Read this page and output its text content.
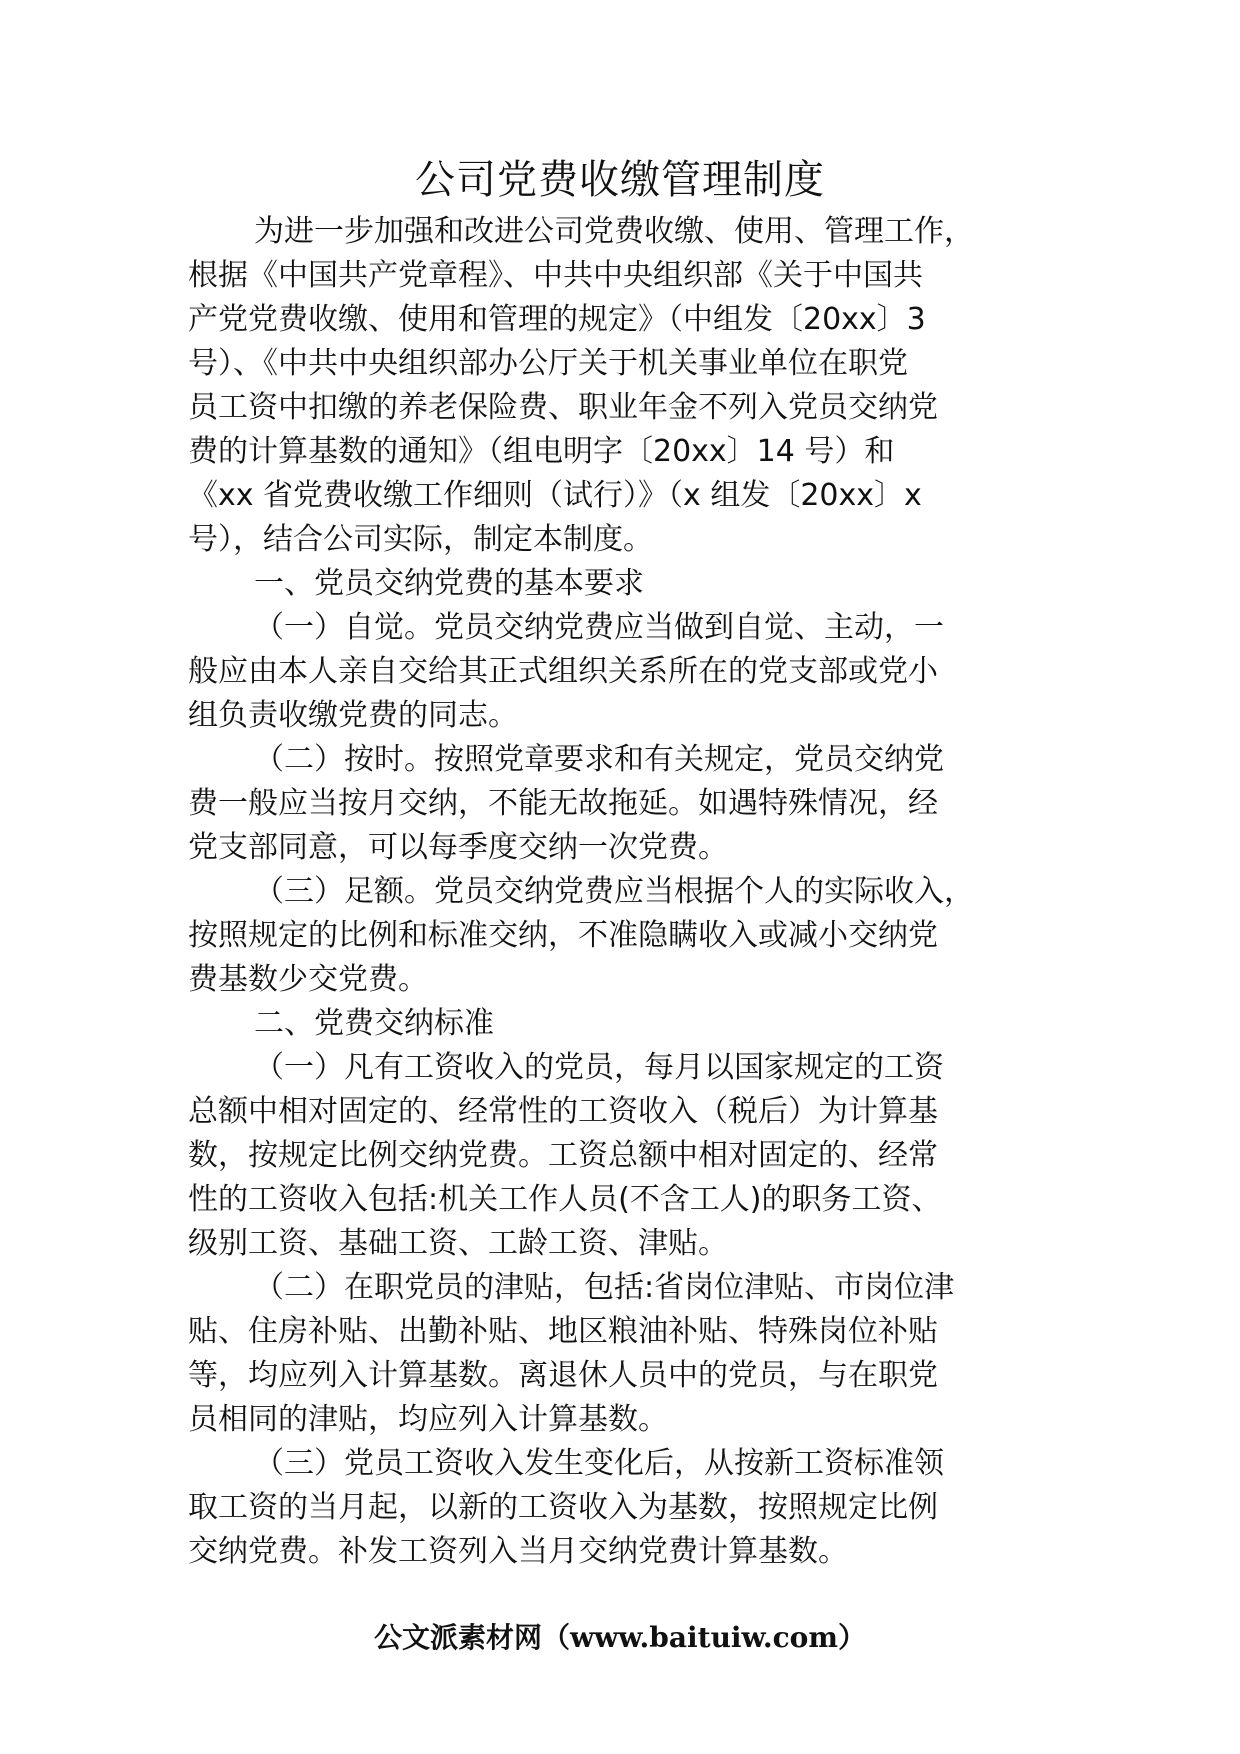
公司党费收缴管理制度
为进一步加强和改进公司党费收缴、使用、管理工作，
根据《中国共产党章程》、中共中央组织部《关于中国共
产党党费收缴、使用和管理的规定》（中组发〔20xx〕3
号）、《中共中央组织部办公厅关于机关事业单位在职党
员工资中扣缴的养老保险费、职业年金不列入党员交纳党
费的计算基数的通知》（组电明字〔20xx〕14 号）和
《xx 省党费收缴工作细则（试行）》（x 组发〔20xx〕x
号），结合公司实际，制定本制度。
一、党员交纳党费的基本要求
（一）自觉。党员交纳党费应当做到自觉、主动，一
般应由本人亲自交给其正式组织关系所在的党支部或党小
组负责收缴党费的同志。
（二）按时。按照党章要求和有关规定，党员交纳党
费一般应当按月交纳，不能无故拖延。如遇特殊情况，经
党支部同意，可以每季度交纳一次党费。
（三）足额。党员交纳党费应当根据个人的实际收入，
按照规定的比例和标准交纳，不准隐瞒收入或减小交纳党
费基数少交党费。
二、党费交纳标准
（一）凡有工资收入的党员，每月以国家规定的工资
总额中相对固定的、经常性的工资收入（税后）为计算基
数，按规定比例交纳党费。工资总额中相对固定的、经常
性的工资收入包括:机关工作人员(不含工人)的职务工资、
级别工资、基础工资、工龄工资、津贴。
（二）在职党员的津贴，包括:省岗位津贴、市岗位津
贴、住房补贴、出勤补贴、地区粮油补贴、特殊岗位补贴
等，均应列入计算基数。离退休人员中的党员，与在职党
员相同的津贴，均应列入计算基数。
（三）党员工资收入发生变化后，从按新工资标准领
取工资的当月起，以新的工资收入为基数，按照规定比例
交纳党费。补发工资列入当月交纳党费计算基数。
公文派素材网（www.baituiw.com）
